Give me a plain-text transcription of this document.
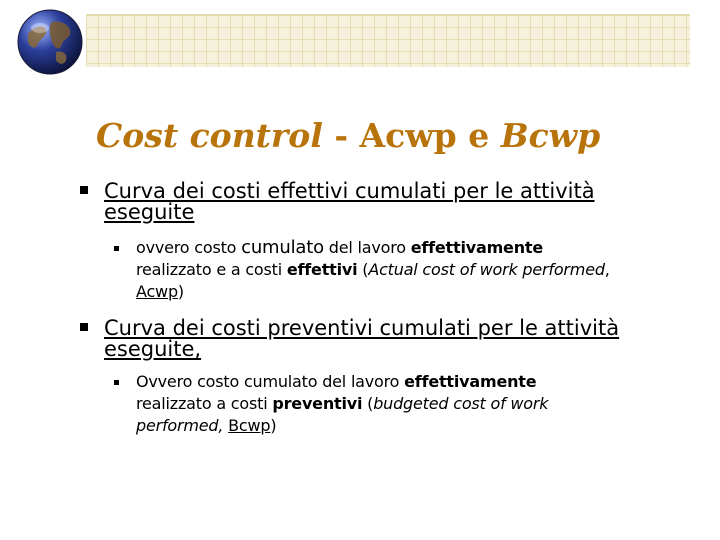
Cost control - Acwp e Bcwp
Curva dei costi effettivi cumulati per le attività eseguite
ovvero costo cumulato del lavoro effettivamente realizzato e a costi effettivi (Actual cost of work performed, Acwp)
Curva dei costi preventivi cumulati per le attività eseguite,
Ovvero costo cumulato del lavoro effettivamente realizzato a costi preventivi (budgeted cost of work performed, Bcwp)
